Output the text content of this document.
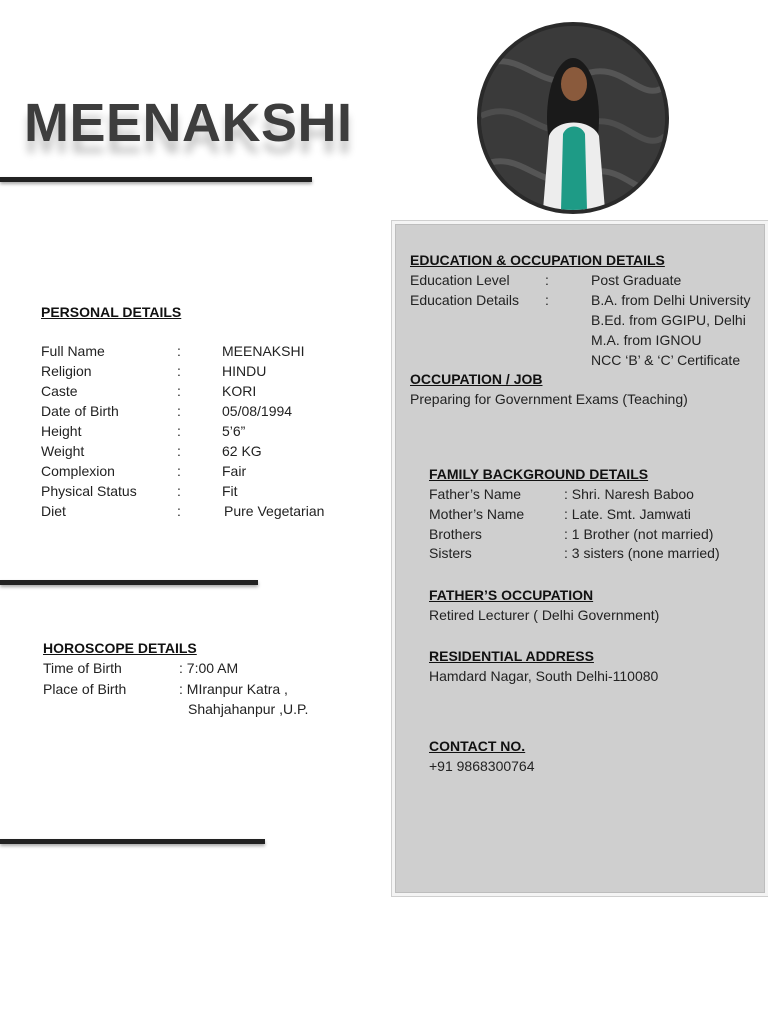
MEENAKSHI
PERSONAL DETAILS
Full Name	:	MEENAKSHI
Religion	:	HINDU
Caste	:	KORI
Date of Birth	:	05/08/1994
Height	:	5’6”
Weight	:	62 KG
Complexion	:	Fair
Physical Status	:	Fit
Diet	:	Pure Vegetarian
HOROSCOPE DETAILS
Time of Birth	: 7:00 AM
Place of Birth	: MIranpur Katra ,
Shahjahanpur ,U.P.
EDUCATION & OCCUPATION DETAILS
Education Level	:	Post Graduate
Education Details :	B.A. from Delhi University
B.Ed. from GGIPU, Delhi
M.A. from IGNOU
NCC ‘B’ & ‘C’ Certificate
OCCUPATION / JOB
Preparing for Government Exams (Teaching)
FAMILY BACKGROUND DETAILS
Father’s Name	: Shri. Naresh Baboo
Mother’s Name	: Late. Smt. Jamwati
Brothers	: 1 Brother (not married)
Sisters	: 3 sisters (none married)
FATHER’S OCCUPATION
Retired Lecturer ( Delhi Government)
RESIDENTIAL ADDRESS
Hamdard Nagar, South Delhi-110080
CONTACT NO.
+91 9868300764
